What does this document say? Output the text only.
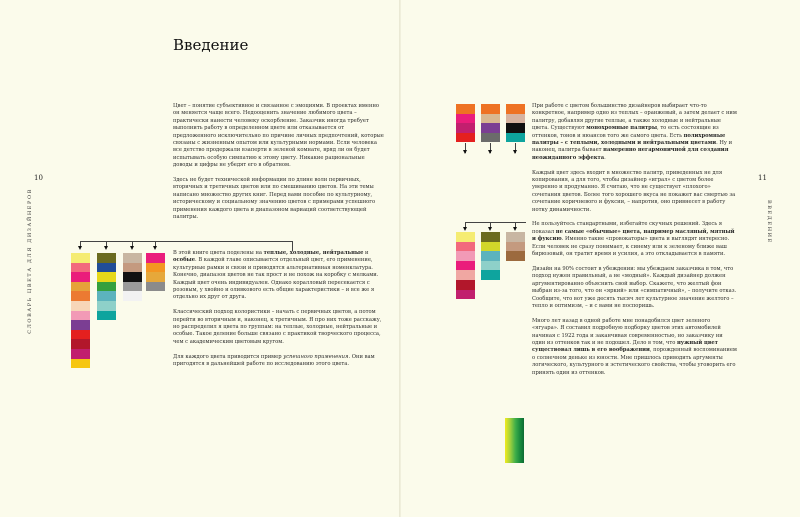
Введение
10	11
СЛОВАРЬ ЦВЕТА ДЛЯ ДИЗАЙНЕРОВ	ВВЕДЕНИЕ

Цвет – понятие субъективное и связанное с эмоциями. В проектах именно он меняется чаще всего. Недооценить значение любимого цвета – практически нанести человеку оскорбление. Заказчик иногда требует выполнить работу в определенном цвете или отказывается от предложенного исключительно по причине личных предпочтений, которые связаны с жизненным опытом или культурными нормами. Если человека все детство продержали взаперти в зеленой комнате, вряд ли он будет испытывать особую симпатию к этому цвету. Никакие рациональные доводы и цифры не убедят его в обратном.

Здесь не будет технической информации по длине волн первичных, вторичных и третичных цветов или по смешиванию цветов. На эти темы написано множество других книг. Перед вами пособие по культурному, историческому и социальному значению цветов с примерами успешного применения каждого цвета и диапазоном вариаций соответствующей палитры.

В этой книге цвета поделены на теплые, холодные, нейтральные и особые. В каждой главе описывается отдельный цвет, его применение, культурные рамки и связи и приводятся альтернативная номенклатура. Конечно, диапазон цветов не так прост и не похож на коробку с мелками. Каждый цвет очень индивидуален. Однако коралловый пересекается с розовым, у хвойно и оливкового есть общие характеристики – и все же я отдельно их друг от друга.

Классический подход колористики – начать с первичных цветов, а потом перейти во вторичным и, наконец, к третичным. Я про них тоже расскажу, но распределил я цвета по группам: на теплые, холодные, нейтральные и особые. Такое деление больше связано с практикой творческого процесса, чем с академическим цветовым кругом.

Для каждого цвета приводится пример успешного применения. Они вам пригодятся в дальнейшей работе по исследованию этого цвета.

При работе с цветом большинство дизайнеров выбирает что-то конкретное, например одно из теплых – оранжевый, а затем делает с ним палитру, добавляя другие теплые, а также холодные и нейтральные цвета. Существуют монохромные палитры, то есть состоящие из оттенков, тонов и нюансов того же самого цвета. Есть полихромные палитры – с теплыми, холодными и нейтральными цветами. Ну и наконец, палитра бывает намеренно негармоничной для создания неожиданного эффекта.

Каждый цвет здесь входит в множество палитр, приведенных не для копирования, а для того, чтобы дизайнер «играл» с цветом более уверенно и продуманно. Я считаю, что не существует «плохого» сочетания цветов. Более того хорошего вкуса не покажет вас смертью за сочетание коричневого и фуксии, – напротив, оно привнесет в работу нотку динамичности.

Не пользуйтесь стандартными, избегайте скучных решений. Здесь я показал не самые «обычные» цвета, например масляный, мятный и фуксию. Именно такие «провокаторы» цвета и выглядят интересно. Если человек не сразу понимает, к синему или к зеленому ближе ваш бирюзовый, он тратит время и усилия, а это откладывается в памяти.

Дизайн на 90% состоит в убеждении: мы убеждаем заказчика в том, что подход нужен правильный, а не «модный». Каждый дизайнер должен аргументированно объяснить свой выбор. Скажете, что желтый фон выбран из-за того, что он «яркий» или «симпатичный», – получите отказ. Сообщите, что вот уже десять тысяч лет культурное значение желтого – тепло и оптимизм, – и с вами не поспоришь.

Много лет назад в одной работе мне понадобился цвет зеленого «ягуара». Я составил подробную подборку цветов этих автомобилей начиная с 1922 года и заканчивая современностью, но заказчику ни один из оттенков так и не подошел. Дело в том, что нужный цвет существовал лишь в его воображении, порожденный воспоминанием о солнечном деньке из юности. Мне пришлось приводить аргументы логического, культурного и эстетического свойства, чтобы уговорить его принять один из оттенков.
